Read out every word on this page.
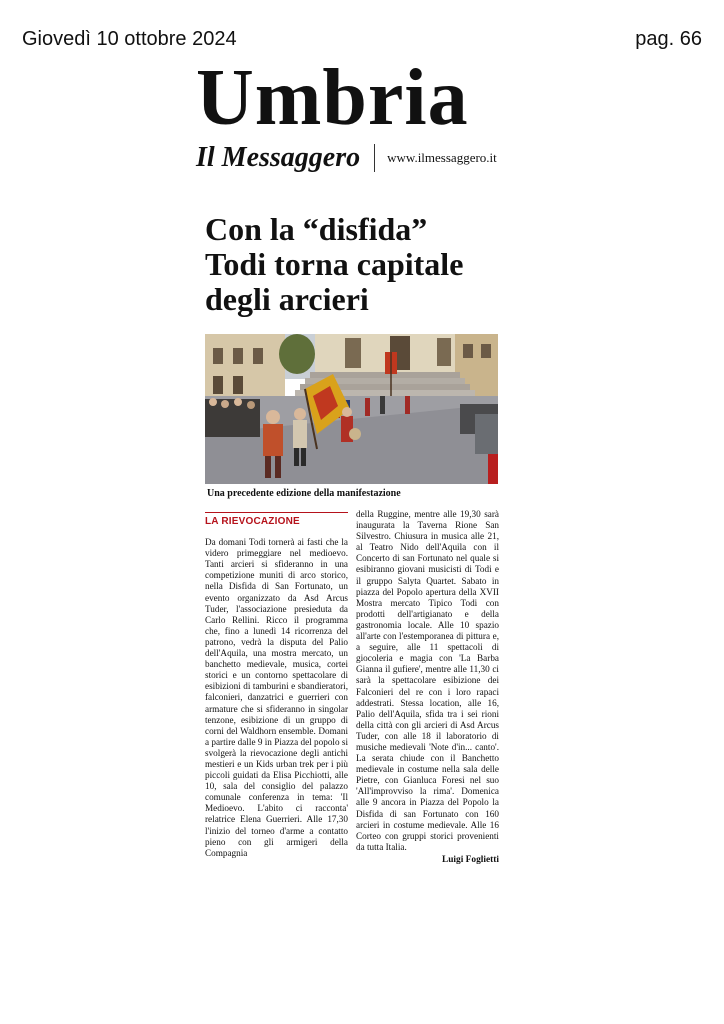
Giovedì 10 ottobre 2024	pag. 66
Umbria
Il Messaggero www.ilmessaggero.it
Con la “disfida”
Todi torna capitale
degli arcieri
Una precedente edizione della manifestazione
LA RIEVOCAZIONE

Da domani Todi tornerà ai fasti che la videro primeggiare nel medioevo. Tanti arcieri si sfideranno in una competizione muniti di arco storico, nella Disfida di San Fortunato, un evento organizzato da Asd Arcus Tuder, l'associazione presieduta da Carlo Rellini. Ricco il programma che, fino a lunedì 14 ricorrenza del patrono, vedrà la disputa del Palio dell'Aquila, una mostra mercato, un banchetto medievale, musica, cortei storici e un contorno spettacolare di esibizioni di tamburini e sbandieratori, falconieri, danzatrici e guerrieri con armature che si sfideranno in singolar tenzone, esibizione di un gruppo di corni del Waldhorn ensemble. Domani a partire dalle 9 in Piazza del popolo si svolgerà la rievocazione degli antichi mestieri e un Kids urban trek per i più piccoli guidati da Elisa Picchiotti, alle 10, sala del consiglio del palazzo comunale conferenza in tema: 'Il Medioevo. L'abito ci racconta' relatrice Elena Guerrieri. Alle 17,30 l'inizio del torneo d'arme a contatto pieno con gli armigeri della Compagnia

della Ruggine, mentre alle 19,30 sarà inaugurata la Taverna Rione San Silvestro. Chiusura in musica alle 21, al Teatro Nido dell'Aquila con il Concerto di san Fortunato nel quale si esibiranno giovani musicisti di Todi e il gruppo Salyta Quartet. Sabato in piazza del Popolo apertura della XVII Mostra mercato Tipico Todi con prodotti dell'artigianato e della gastronomia locale. Alle 10 spazio all'arte con l'estemporanea di pittura e, a seguire, alle 11 spettacoli di giocoleria e magia con 'La Barba Gianna il gufiere', mentre alle 11,30 ci sarà la spettacolare esibizione dei Falconieri del re con i loro rapaci addestrati. Stessa location, alle 16, Palio dell'Aquila, sfida tra i sei rioni della città con gli arcieri di Asd Arcus Tuder, con alle 18 il laboratorio di musiche medievali 'Note d'in... canto'. La serata chiude con il Banchetto medievale in costume nella sala delle Pietre, con Gianluca Foresi nel suo 'All'improvviso la rima'. Domenica alle 9 ancora in Piazza del Popolo la Disfida di san Fortunato con 160 arcieri in costume medievale. Alle 16 Corteo con gruppi storici provenienti da tutta Italia.

Luigi Foglietti
